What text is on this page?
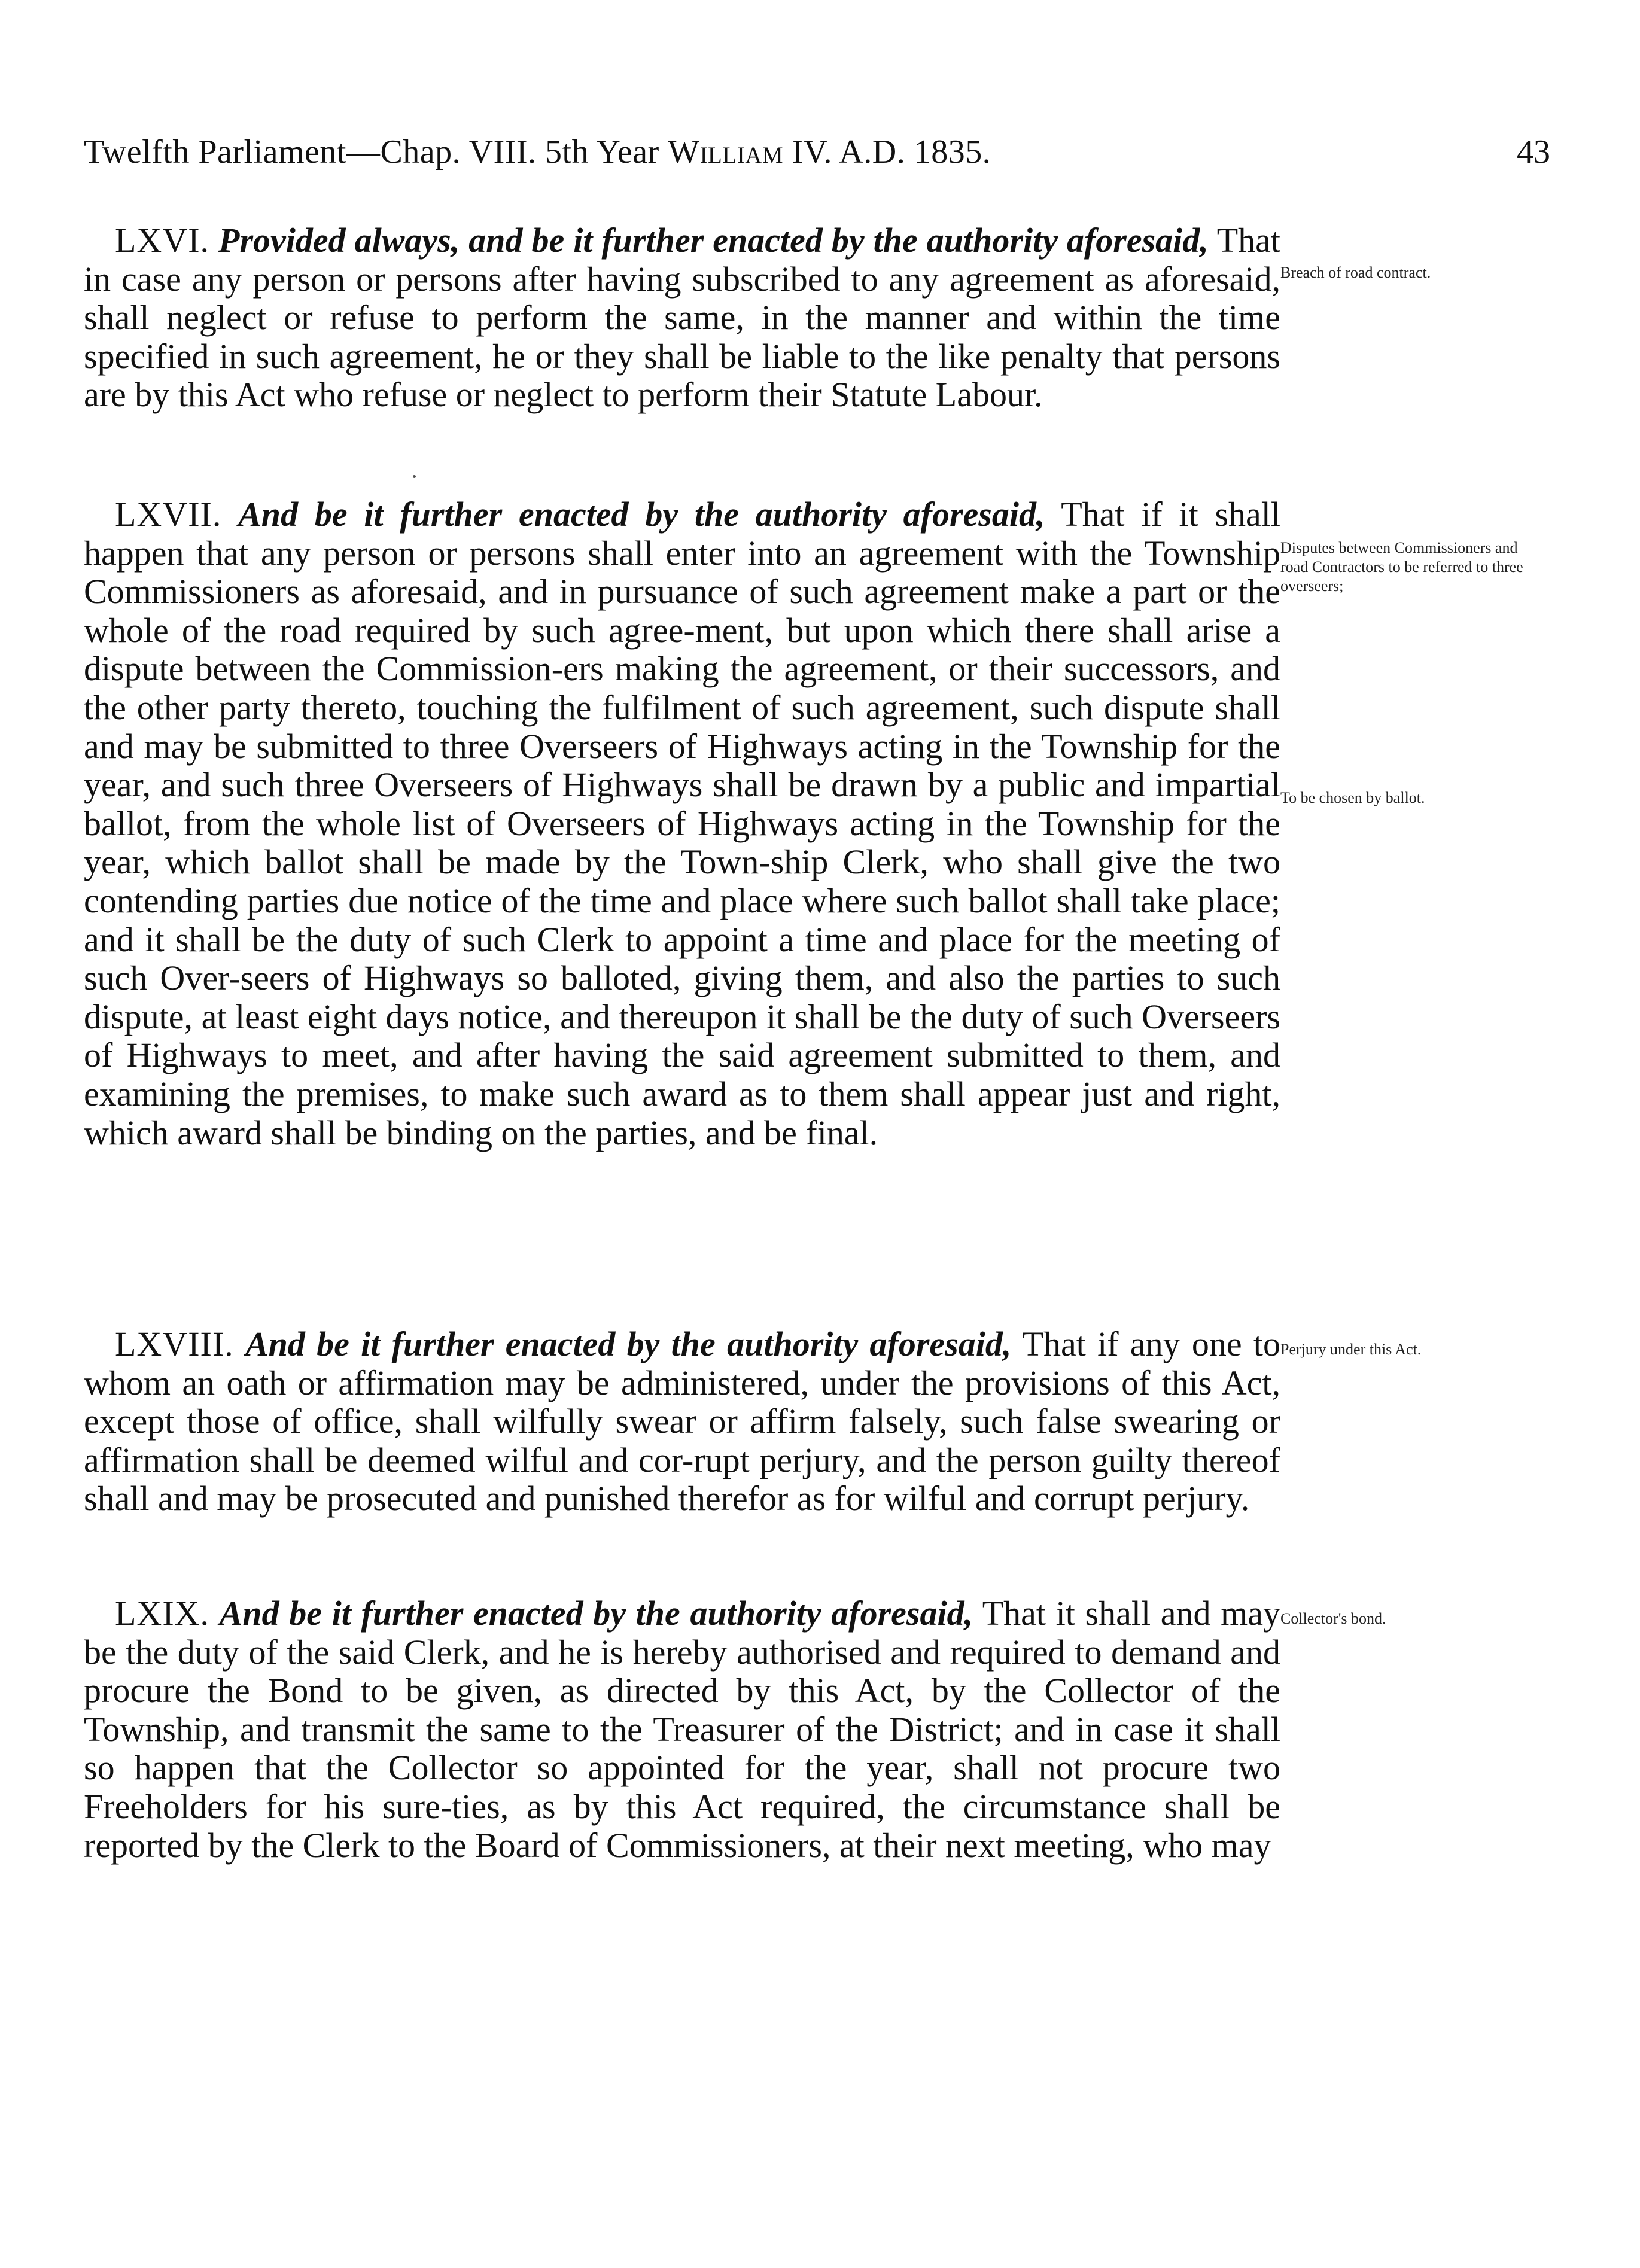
Twelfth Parliament—Chap. VIII. 5th Year William IV. A.D. 1835.	43

LXVI. Provided always, and be it further enacted by the authority aforesaid, That in case any person or persons after having subscribed to any agreement as aforesaid, shall neglect or refuse to perform the same, in the manner and within the time specified in such agreement, he or they shall be liable to the like penalty that persons are by this Act who refuse or neglect to perform their Statute Labour.

Breach of road contract.

LXVII. And be it further enacted by the authority aforesaid, That if it shall happen that any person or persons shall enter into an agreement with the Township Commissioners as aforesaid, and in pursuance of such agreement make a part or the whole of the road required by such agree-ment, but upon which there shall arise a dispute between the Commission-ers making the agreement, or their successors, and the other party thereto, touching the fulfilment of such agreement, such dispute shall and may be submitted to three Overseers of Highways acting in the Township for the year, and such three Overseers of Highways shall be drawn by a public and impartial ballot, from the whole list of Overseers of Highways acting in the Township for the year, which ballot shall be made by the Town-ship Clerk, who shall give the two contending parties due notice of the time and place where such ballot shall take place; and it shall be the duty of such Clerk to appoint a time and place for the meeting of such Over-seers of Highways so balloted, giving them, and also the parties to such dispute, at least eight days notice, and thereupon it shall be the duty of such Overseers of Highways to meet, and after having the said agreement submitted to them, and examining the premises, to make such award as to them shall appear just and right, which award shall be binding on the parties, and be final.

Disputes between Commissioners and road Contractors to be referred to three overseers;
To be chosen by ballot.

LXVIII. And be it further enacted by the authority aforesaid, That if any one to whom an oath or affirmation may be administered, under the provisions of this Act, except those of office, shall wilfully swear or affirm falsely, such false swearing or affirmation shall be deemed wilful and cor-rupt perjury, and the person guilty thereof shall and may be prosecuted and punished therefor as for wilful and corrupt perjury.

Perjury under this Act.

LXIX. And be it further enacted by the authority aforesaid, That it shall and may be the duty of the said Clerk, and he is hereby authorised and required to demand and procure the Bond to be given, as directed by this Act, by the Collector of the Township, and transmit the same to the Treasurer of the District; and in case it shall so happen that the Collector so appointed for the year, shall not procure two Freeholders for his sure-ties, as by this Act required, the circumstance shall be reported by the Clerk to the Board of Commissioners, at their next meeting, who may

Collector's bond.
